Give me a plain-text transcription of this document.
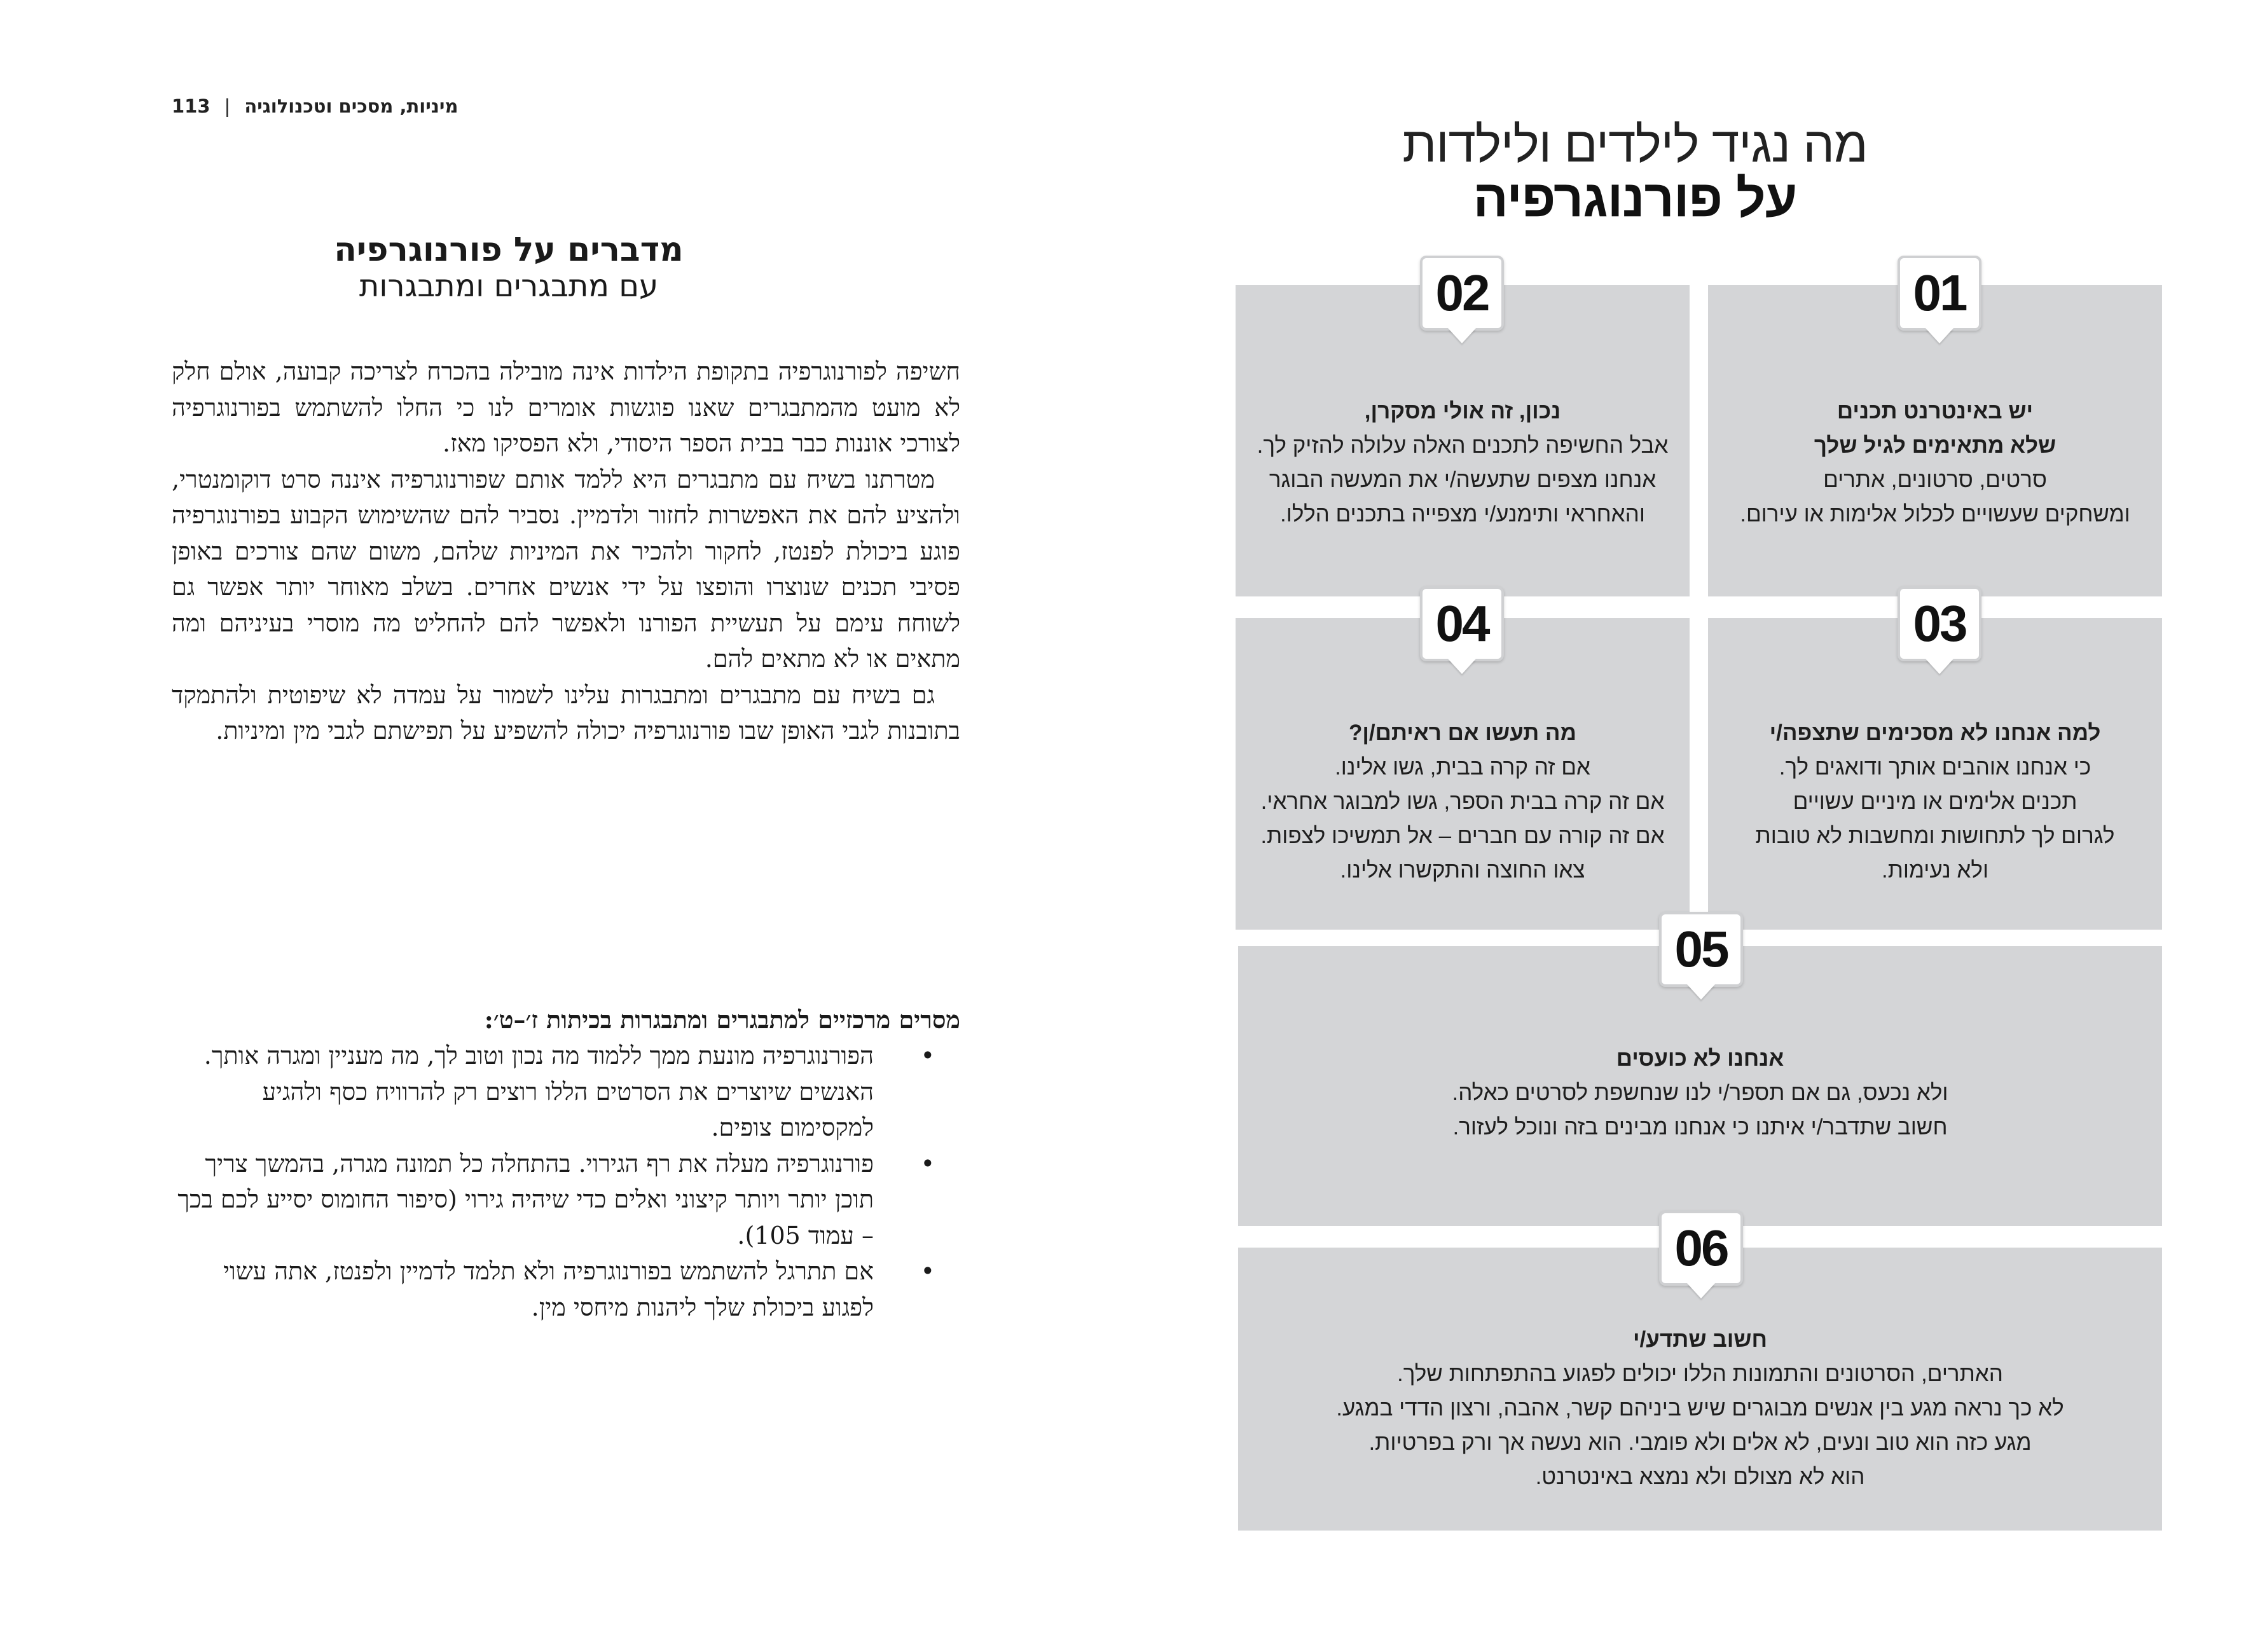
113 | מיניות, מסכים וטכנולוגיה
מדברים על פורנוגרפיה
עם מתבגרים ומתבגרות

חשיפה לפורנוגרפיה בתקופת הילדות אינה מובילה בהכרח לצריכה קבועה, אולם חלק לא מועט מהמתבגרים שאנו פוגשות אומרים לנו כי החלו להשתמש בפורנוגרפיה לצורכי אוננות כבר בבית הספר היסודי, ולא הפסיקו מאז.

מטרתנו בשיח עם מתבגרים היא ללמד אותם שפורנוגרפיה איננה סרט דוקומנטרי, ולהציע להם את האפשרות לחזור ולדמיין. נסביר להם שהשימוש הקבוע בפורנוגרפיה פוגע ביכולת לפנטז, לחקור ולהכיר את המיניות שלהם, משום שהם צורכים באופן פסיבי תכנים שנוצרו והופצו על ידי אנשים אחרים. בשלב מאוחר יותר אפשר גם לשוחח עימם על תעשיית הפורנו ולאפשר להם להחליט מה מוסרי בעיניהם ומה מתאים או לא מתאים להם.

גם בשיח עם מתבגרים ומתבגרות עלינו לשמור על עמדה לא שיפוטית ולהתמקד בתובנות לגבי האופן שבו פורנוגרפיה יכולה להשפיע על תפישתם לגבי מין ומיניות.

מסרים מרכזיים למתבגרים ומתבגרות בכיתות ז׳–ט׳:
•
הפורנוגרפיה מונעת ממך ללמוד מה נכון וטוב לך, מה מעניין ומגרה אותך. האנשים שיוצרים את הסרטים הללו רוצים רק להרוויח כסף ולהגיע למקסימום צופים.
•
פורנוגרפיה מעלה את רף הגירוי. בהתחלה כל תמונה מגרה, בהמשך צריך תוכן יותר ויותר קיצוני ואלים כדי שיהיה גירוי (סיפור החומוס יסייע לכם בכך – עמוד 105).
•
אם תתרגל להשתמש בפורנוגרפיה ולא תלמד לדמיין ולפנטז, אתה עשוי לפגוע ביכולת שלך ליהנות מיחסי מין.
מה נגיד לילדים ולילדות
על פורנוגרפיה
יש באינטרנט תכנים
שלא מתאימים לגיל שלך
סרטים, סרטונים, אתרים
ומשחקים שעשויים לכלול אלימות או עירום.
01
נכון, זה אולי מסקרן,
אבל החשיפה לתכנים האלה עלולה להזיק לך.
אנחנו מצפים שתעשה/י את המעשה הבוגר
והאחראי ותימנע/י מצפייה בתכנים הללו.
02
למה אנחנו לא מסכימים שתצפה/י
כי אנחנו אוהבים אותך ודואגים לך.
תכנים אלימים או מיניים עשויים
לגרום לך לתחושות ומחשבות לא טובות
ולא נעימות.
03
מה תעשו אם ראיתם/ן?
אם זה קרה בבית, גשו אלינו.
אם זה קרה בבית הספר, גשו למבוגר אחראי.
אם זה קורה עם חברים – אל תמשיכו לצפות.
צאו החוצה והתקשרו אלינו.
04
אנחנו לא כועסים
ולא נכעס, גם אם תספר/י לנו שנחשפת לסרטים כאלה.
חשוב שתדבר/י איתנו כי אנחנו מבינים בזה ונוכל לעזור.
05
חשוב שתדע/י
האתרים, הסרטונים והתמונות הללו יכולים לפגוע בהתפתחות שלך.
לא כך נראה מגע בין אנשים מבוגרים שיש ביניהם קשר, אהבה, ורצון הדדי במגע.
מגע כזה הוא טוב ונעים, לא אלים ולא פומבי. הוא נעשה אך ורק בפרטיות.
הוא לא מצולם ולא נמצא באינטרנט.
06
